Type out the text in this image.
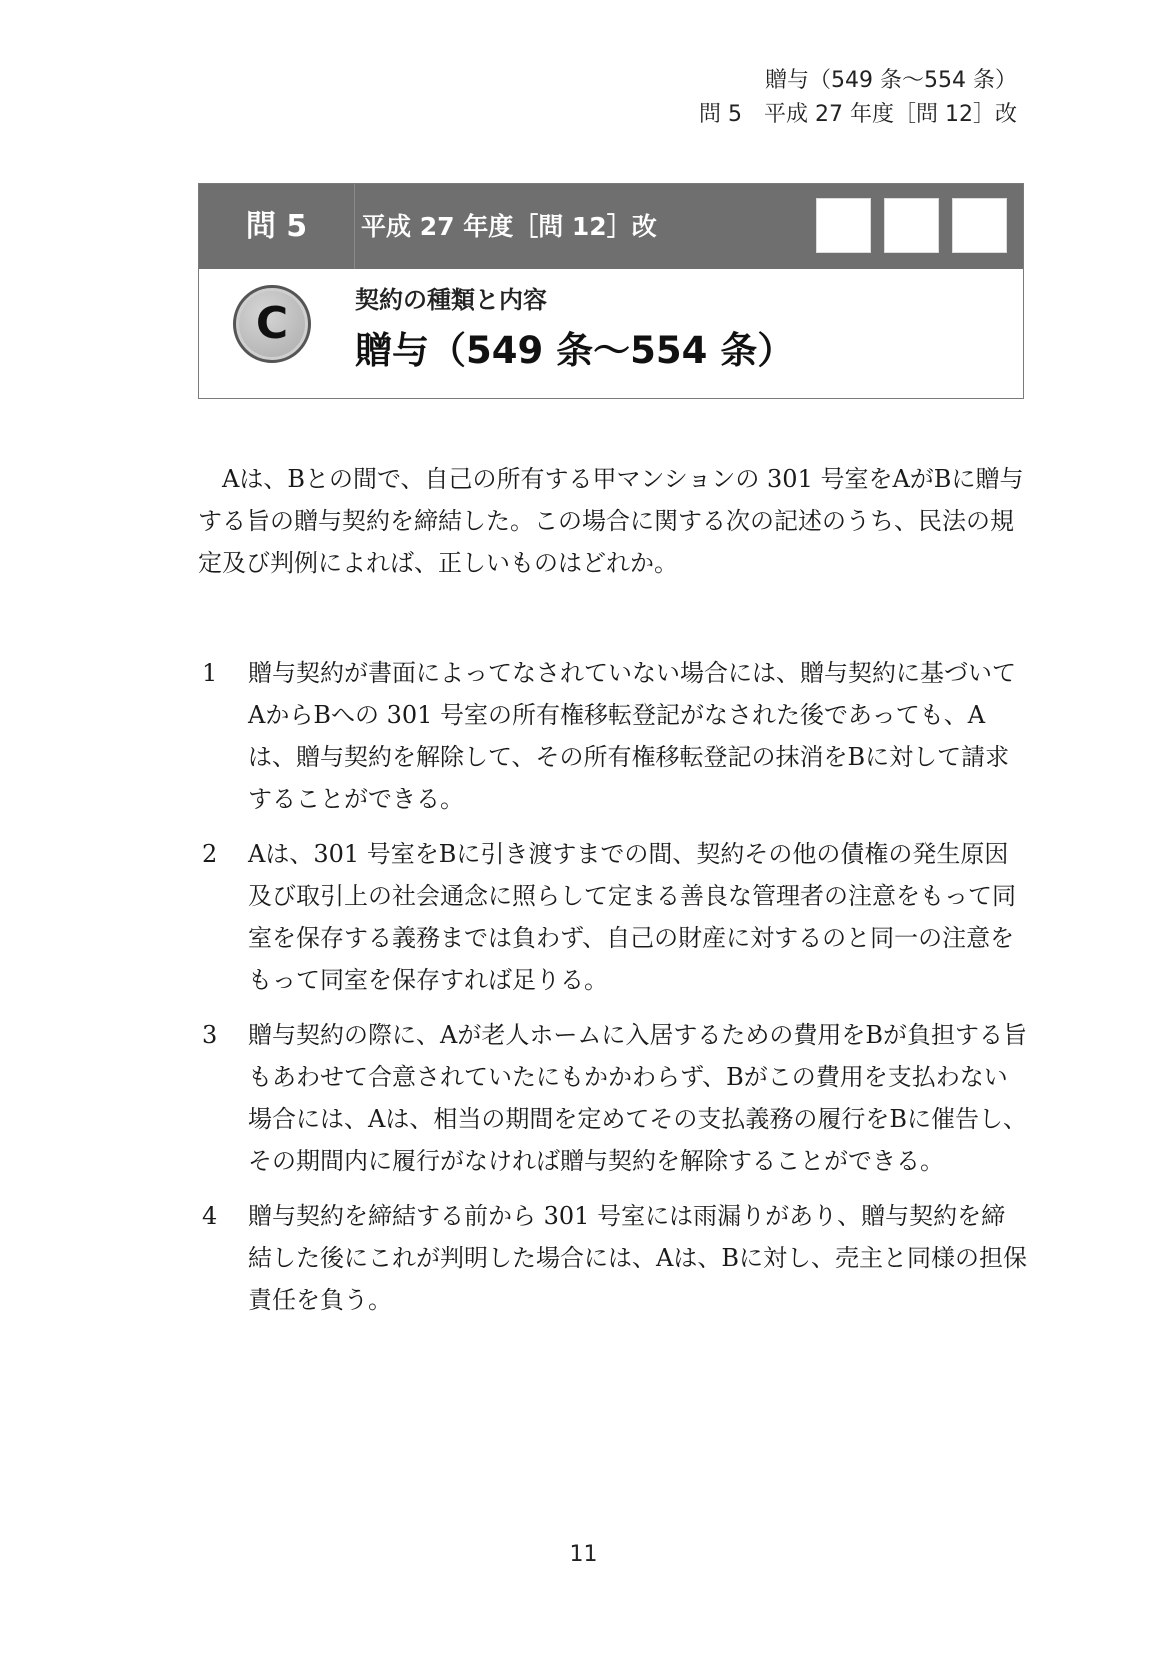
贈与（549 条〜554 条）
問 5　平成 27 年度［問 12］改
問 5	平成 27 年度［問 12］改
C	契約の種類と内容
贈与（549 条〜554 条）
Aは、Bとの間で、自己の所有する甲マンションの 301 号室をAがBに贈与する旨の贈与契約を締結した。この場合に関する次の記述のうち、民法の規定及び判例によれば、正しいものはどれか。
1	贈与契約が書面によってなされていない場合には、贈与契約に基づいてAからBへの 301 号室の所有権移転登記がなされた後であっても、Aは、贈与契約を解除して、その所有権移転登記の抹消をBに対して請求することができる。
2	Aは、301 号室をBに引き渡すまでの間、契約その他の債権の発生原因及び取引上の社会通念に照らして定まる善良な管理者の注意をもって同室を保存する義務までは負わず、自己の財産に対するのと同一の注意をもって同室を保存すれば足りる。
3	贈与契約の際に、Aが老人ホームに入居するための費用をBが負担する旨もあわせて合意されていたにもかかわらず、Bがこの費用を支払わない場合には、Aは、相当の期間を定めてその支払義務の履行をBに催告し、その期間内に履行がなければ贈与契約を解除することができる。
4	贈与契約を締結する前から 301 号室には雨漏りがあり、贈与契約を締結した後にこれが判明した場合には、Aは、Bに対し、売主と同様の担保責任を負う。
11
